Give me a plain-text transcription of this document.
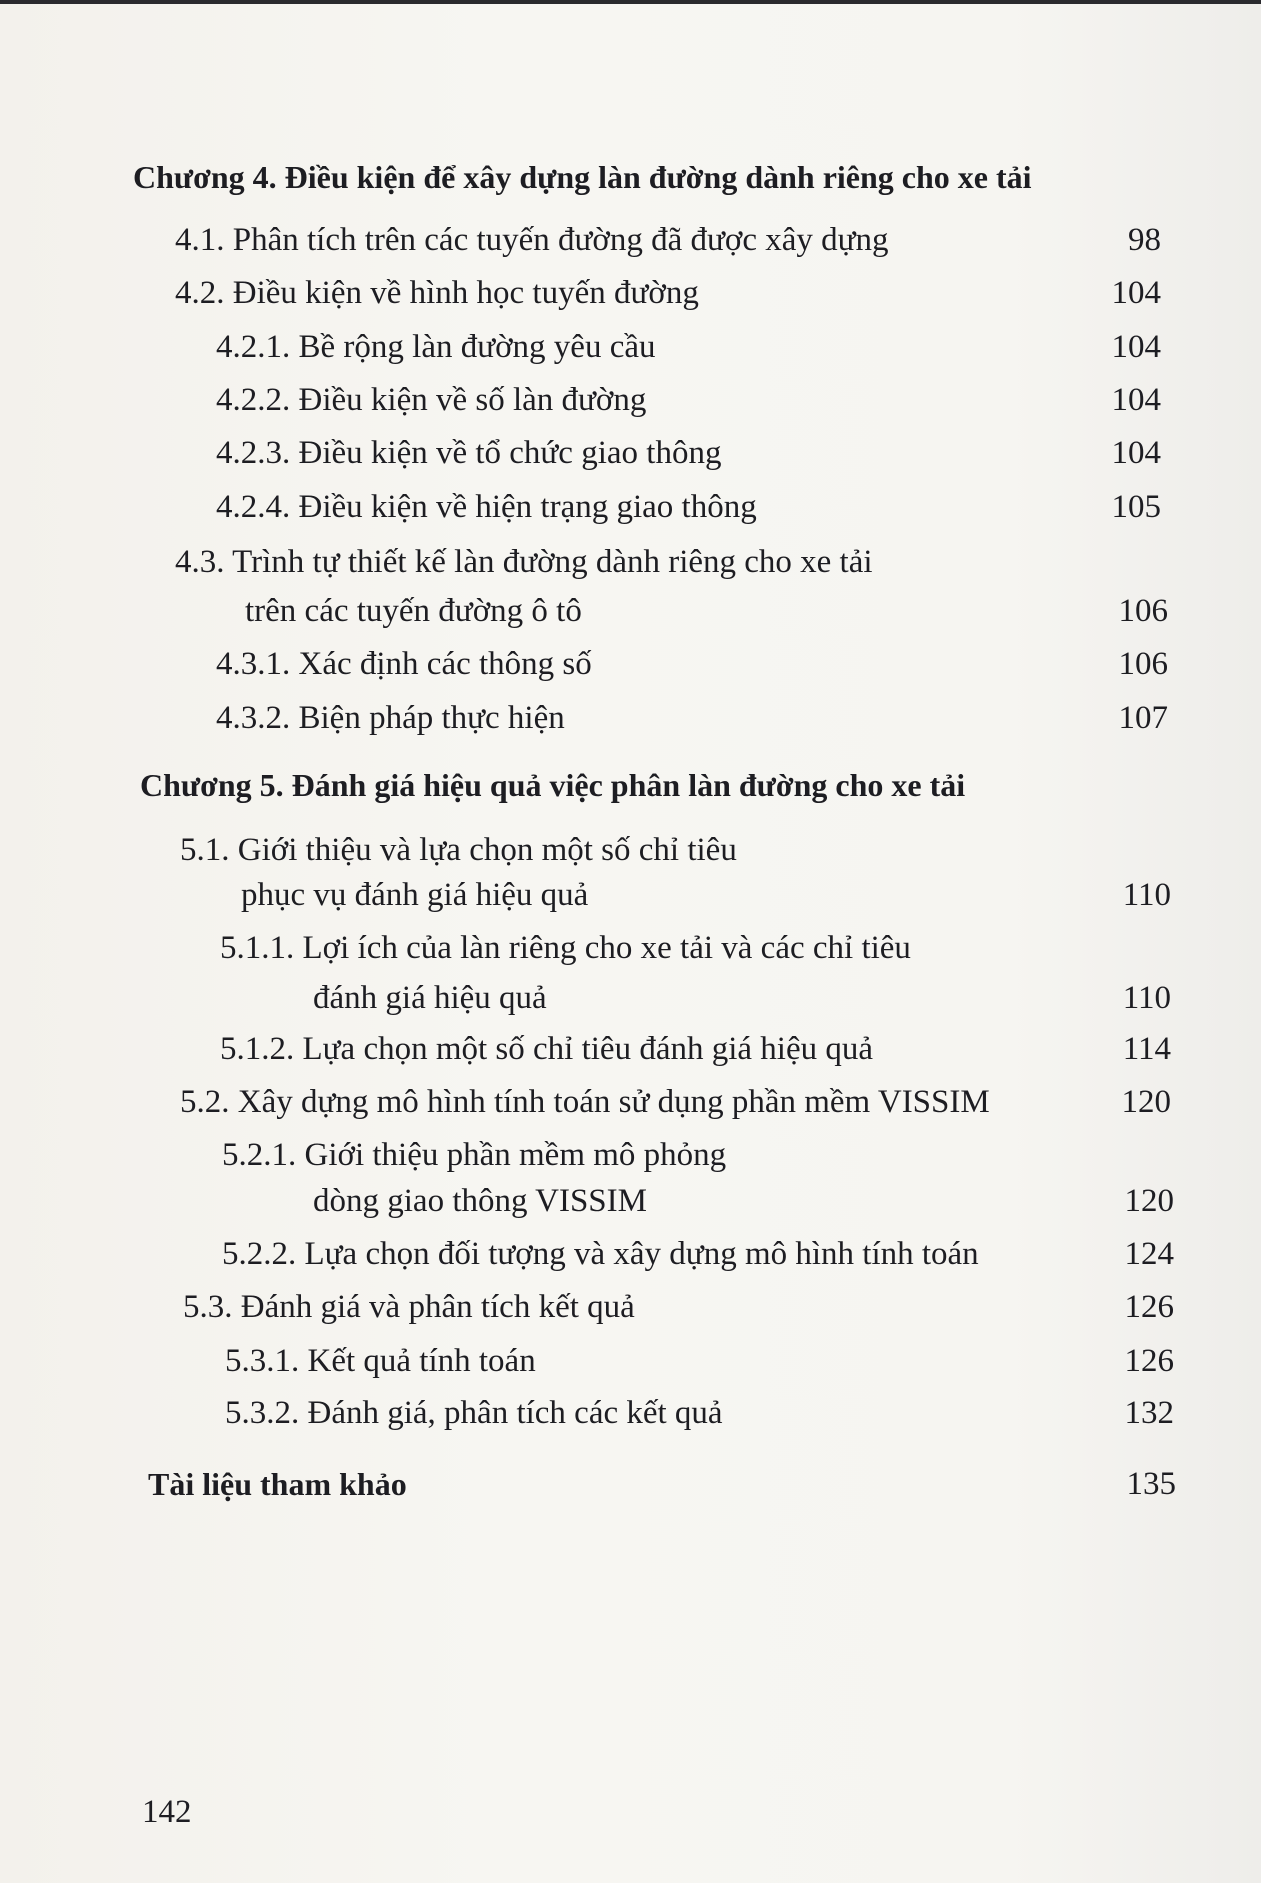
Chương 4. Điều kiện để xây dựng làn đường dành riêng cho xe tải
4.1. Phân tích trên các tuyến đường đã được xây dựng	98
4.2. Điều kiện về hình học tuyến đường	104
4.2.1. Bề rộng làn đường yêu cầu	104
4.2.2. Điều kiện về số làn đường	104
4.2.3. Điều kiện về tổ chức giao thông	104
4.2.4. Điều kiện về hiện trạng giao thông	105
4.3. Trình tự thiết kế làn đường dành riêng cho xe tải
trên các tuyến đường ô tô	106
4.3.1. Xác định các thông số	106
4.3.2. Biện pháp thực hiện	107
Chương 5. Đánh giá hiệu quả việc phân làn đường cho xe tải
5.1. Giới thiệu và lựa chọn một số chỉ tiêu
phục vụ đánh giá hiệu quả	110
5.1.1. Lợi ích của làn riêng cho xe tải và các chỉ tiêu
đánh giá hiệu quả	110
5.1.2. Lựa chọn một số chỉ tiêu đánh giá hiệu quả	114
5.2. Xây dựng mô hình tính toán sử dụng phần mềm VISSIM	120
5.2.1. Giới thiệu phần mềm mô phỏng
dòng giao thông VISSIM	120
5.2.2. Lựa chọn đối tượng và xây dựng mô hình tính toán	124
5.3. Đánh giá và phân tích kết quả	126
5.3.1. Kết quả tính toán	126
5.3.2. Đánh giá, phân tích các kết quả	132
Tài liệu tham khảo	135
142
